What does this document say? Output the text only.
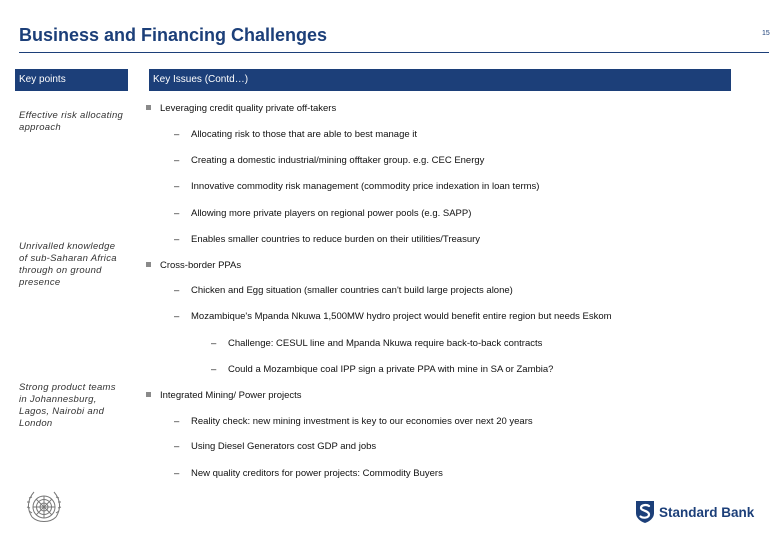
Business and Financing Challenges	15
Key points	Key Issues (Contd…)
Effective risk allocating approach
Unrivalled knowledge of sub-Saharan Africa through on ground presence
Strong product teams in Johannesburg, Lagos, Nairobi and London
Leveraging credit quality private off-takers
– Allocating risk to those that are able to best manage it
– Creating a domestic industrial/mining offtaker group. e.g. CEC Energy
– Innovative commodity risk management (commodity price indexation in loan terms)
– Allowing more private players on regional power pools (e.g. SAPP)
– Enables smaller countries to reduce burden on their utilities/Treasury
Cross-border PPAs
– Chicken and Egg situation (smaller countries can't build large projects alone)
– Mozambique's Mpanda Nkuwa 1,500MW hydro project would benefit entire region but needs Eskom
– Challenge: CESUL line and Mpanda Nkuwa require back-to-back contracts
– Could a Mozambique coal IPP sign a private PPA with mine in SA or Zambia?
Integrated Mining/ Power projects
– Reality check: new mining investment is key to our economies over next 20 years
– Using Diesel Generators cost GDP and jobs
– New quality creditors for power projects: Commodity Buyers
Standard Bank
